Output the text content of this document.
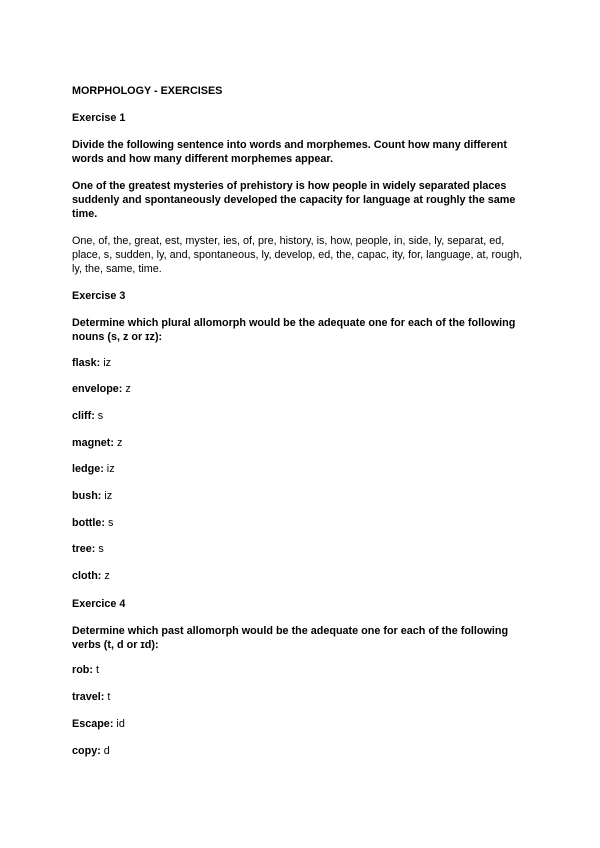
MORPHOLOGY - EXERCISES

Exercise 1

Divide the following sentence into words and morphemes. Count how many different words and how many different morphemes appear.

One of the greatest mysteries of prehistory is how people in widely separated places suddenly and spontaneously developed the capacity for language at roughly the same time.

One, of, the, great, est, myster, ies, of, pre, history, is, how, people, in, side, ly, separat, ed, place, s, sudden, ly, and, spontaneous, ly, develop, ed, the, capac, ity, for, language, at, rough, ly, the, same, time.

Exercise 3

Determine which plural allomorph would be the adequate one for each of the following nouns (s, z or ɪz):

flask: iz

envelope: z

cliff: s

magnet: z

ledge: iz

bush: iz

bottle: s

tree: s

cloth: z

Exercice 4

Determine which past allomorph would be the adequate one for each of the following verbs (t, d or ɪd):

rob: t

travel: t

Escape: id

copy: d
